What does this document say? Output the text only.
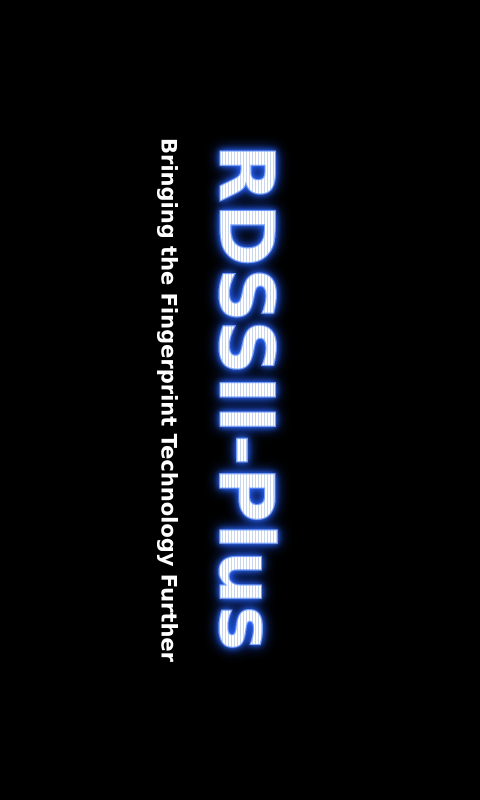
RDSSII-Plus
Bringing the Fingerprint Technology Further
